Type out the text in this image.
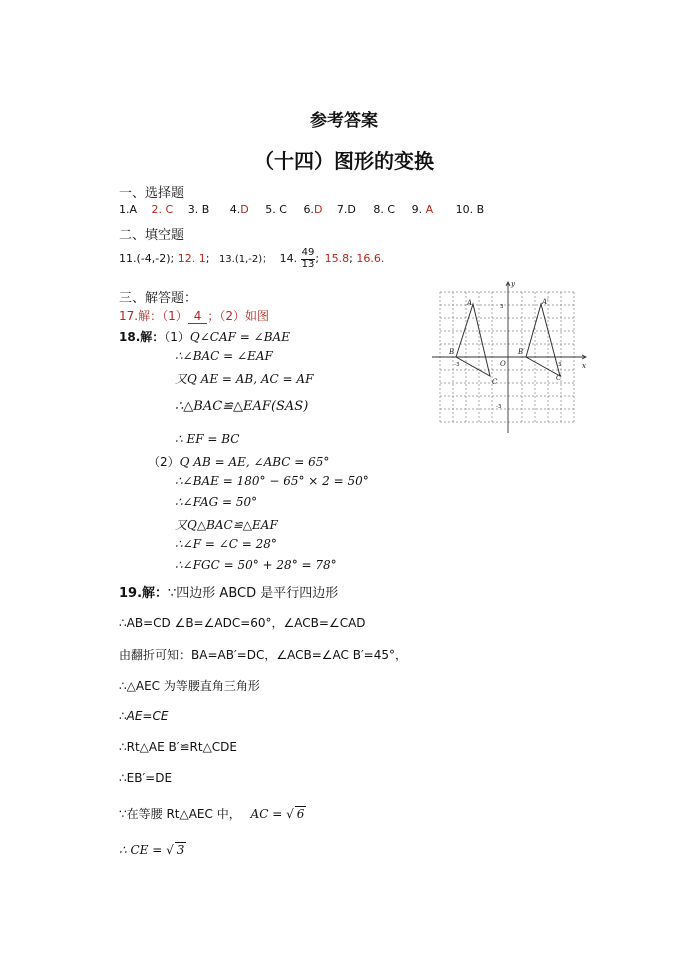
参考答案
（十四）图形的变换
一、选择题
1.A 2. C 3. B 4.D 5. C 6.D 7.D 8. C 9. A 10. B
二、填空题
11.(-4,-2); 12. 1; 13.(1,-2)； 14. $\frac{49}{13}$ ; 15.8; 16.6.
三、解答题：
17.解：（1） 4 ；（2）如图
18.解：（1）Q∠CAF = ∠BAE
∴∠BAC = ∠EAF
又Q AE = AB, AC = AF
∴△BAC≌△EAF(SAS)
∴ EF = BC
（2）Q AB = AE, ∠ABC = 65°
∴∠BAE = 180° − 65° × 2 = 50°
∴∠FAG = 50°
又Q△BAC≌△EAF
∴∠F = ∠C = 28°
∴∠FGC = 50° + 28° = 78°
19.解：∵四边形 ABCD 是平行四边形
∴AB=CD ∠B=∠ADC=60°，∠ACB=∠CAD
由翻折可知：BA=AB′=DC，∠ACB=∠AC B′=45°，
∴△AEC 为等腰直角三角形
∴AE=CE
∴Rt△AE B′≌Rt△CDE
∴EB′=DE
∵在等腰 Rt△AEC 中， AC = √ 6
∴ CE = √ 3
A
B
C
A′
B′
C
O	x
y
-3	3
3
-3
